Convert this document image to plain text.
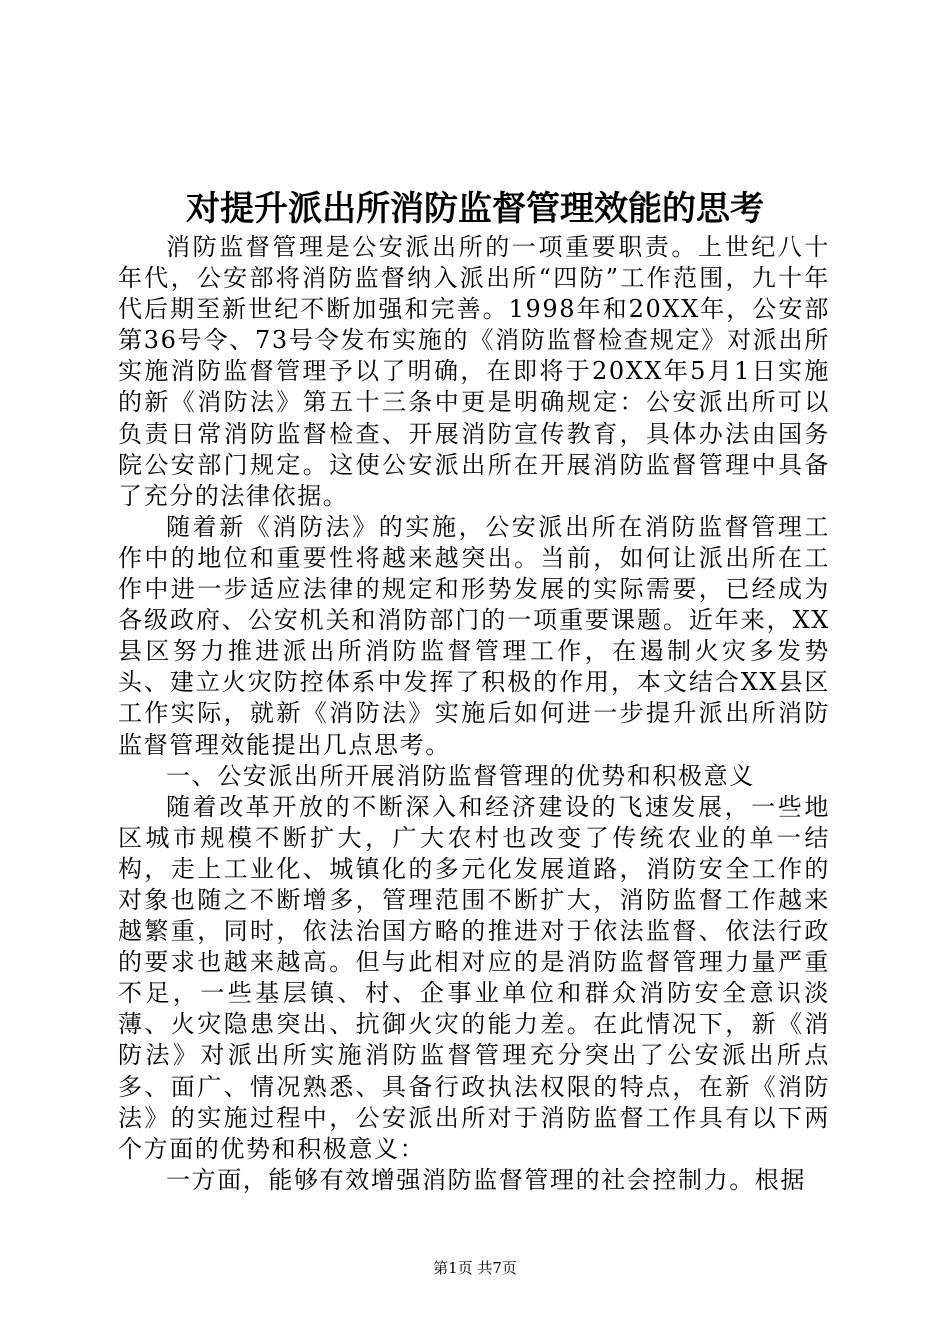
对提升派出所消防监督管理效能的思考

消防监督管理是公安派出所的一项重要职责。上世纪八十年代，公安部将消防监督纳入派出所“四防”工作范围，九十年代后期至新世纪不断加强和完善。1998年和20XX年，公安部第36号令、73号令发布实施的《消防监督检查规定》对派出所实施消防监督管理予以了明确，在即将于20XX年5月1日实施的新《消防法》第五十三条中更是明确规定：公安派出所可以负责日常消防监督检查、开展消防宣传教育，具体办法由国务院公安部门规定。这使公安派出所在开展消防监督管理中具备了充分的法律依据。

随着新《消防法》的实施，公安派出所在消防监督管理工作中的地位和重要性将越来越突出。当前，如何让派出所在工作中进一步适应法律的规定和形势发展的实际需要，已经成为各级政府、公安机关和消防部门的一项重要课题。近年来，XX县区努力推进派出所消防监督管理工作，在遏制火灾多发势头、建立火灾防控体系中发挥了积极的作用，本文结合XX县区工作实际，就新《消防法》实施后如何进一步提升派出所消防监督管理效能提出几点思考。

一、公安派出所开展消防监督管理的优势和积极意义

随着改革开放的不断深入和经济建设的飞速发展，一些地区城市规模不断扩大，广大农村也改变了传统农业的单一结构，走上工业化、城镇化的多元化发展道路，消防安全工作的对象也随之不断增多，管理范围不断扩大，消防监督工作越来越繁重，同时，依法治国方略的推进对于依法监督、依法行政的要求也越来越高。但与此相对应的是消防监督管理力量严重不足，一些基层镇、村、企事业单位和群众消防安全意识淡薄、火灾隐患突出、抗御火灾的能力差。在此情况下，新《消防法》对派出所实施消防监督管理充分突出了公安派出所点多、面广、情况熟悉、具备行政执法权限的特点，在新《消防法》的实施过程中，公安派出所对于消防监督工作具有以下两个方面的优势和积极意义：

一方面，能够有效增强消防监督管理的社会控制力。根据

第1页 共7页
